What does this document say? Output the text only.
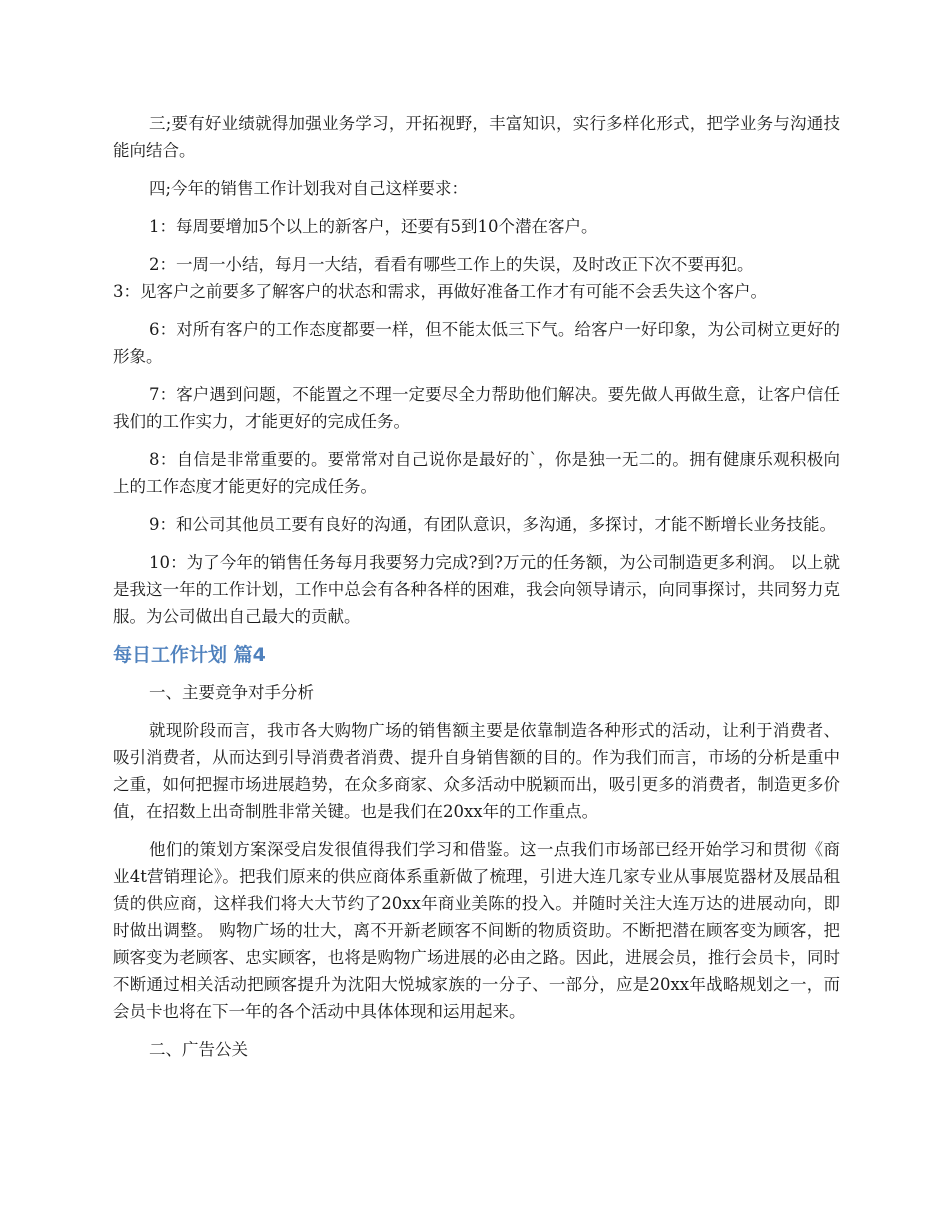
三;要有好业绩就得加强业务学习，开拓视野，丰富知识，实行多样化形式，把学业务与沟通技能向结合。

四;今年的销售工作计划我对自己这样要求：

1：每周要增加5个以上的新客户，还要有5到10个潜在客户。

2：一周一小结，每月一大结，看看有哪些工作上的失误，及时改正下次不要再犯。

3：见客户之前要多了解客户的状态和需求，再做好准备工作才有可能不会丢失这个客户。

6：对所有客户的工作态度都要一样，但不能太低三下气。给客户一好印象，为公司树立更好的形象。

7：客户遇到问题，不能置之不理一定要尽全力帮助他们解决。要先做人再做生意，让客户信任我们的工作实力，才能更好的完成任务。

8：自信是非常重要的。要常常对自己说你是最好的`，你是独一无二的。拥有健康乐观积极向上的工作态度才能更好的完成任务。

9：和公司其他员工要有良好的沟通，有团队意识，多沟通，多探讨，才能不断增长业务技能。

10：为了今年的销售任务每月我要努力完成?到?万元的任务额，为公司制造更多利润。 以上就是我这一年的工作计划，工作中总会有各种各样的困难，我会向领导请示，向同事探讨，共同努力克服。为公司做出自己最大的贡献。

每日工作计划 篇4

一、主要竞争对手分析

就现阶段而言，我市各大购物广场的销售额主要是依靠制造各种形式的活动，让利于消费者、吸引消费者，从而达到引导消费者消费、提升自身销售额的目的。作为我们而言，市场的分析是重中之重，如何把握市场进展趋势，在众多商家、众多活动中脱颖而出，吸引更多的消费者，制造更多价值，在招数上出奇制胜非常关键。也是我们在20xx年的工作重点。

他们的策划方案深受启发很值得我们学习和借鉴。这一点我们市场部已经开始学习和贯彻《商业4t营销理论》。把我们原来的供应商体系重新做了梳理，引进大连几家专业从事展览器材及展品租赁的供应商，这样我们将大大节约了20xx年商业美陈的投入。并随时关注大连万达的进展动向，即时做出调整。 购物广场的壮大，离不开新老顾客不间断的物质资助。不断把潜在顾客变为顾客，把顾客变为老顾客、忠实顾客，也将是购物广场进展的必由之路。因此，进展会员，推行会员卡，同时不断通过相关活动把顾客提升为沈阳大悦城家族的一分子、一部分，应是20xx年战略规划之一，而会员卡也将在下一年的各个活动中具体体现和运用起来。

二、广告公关
